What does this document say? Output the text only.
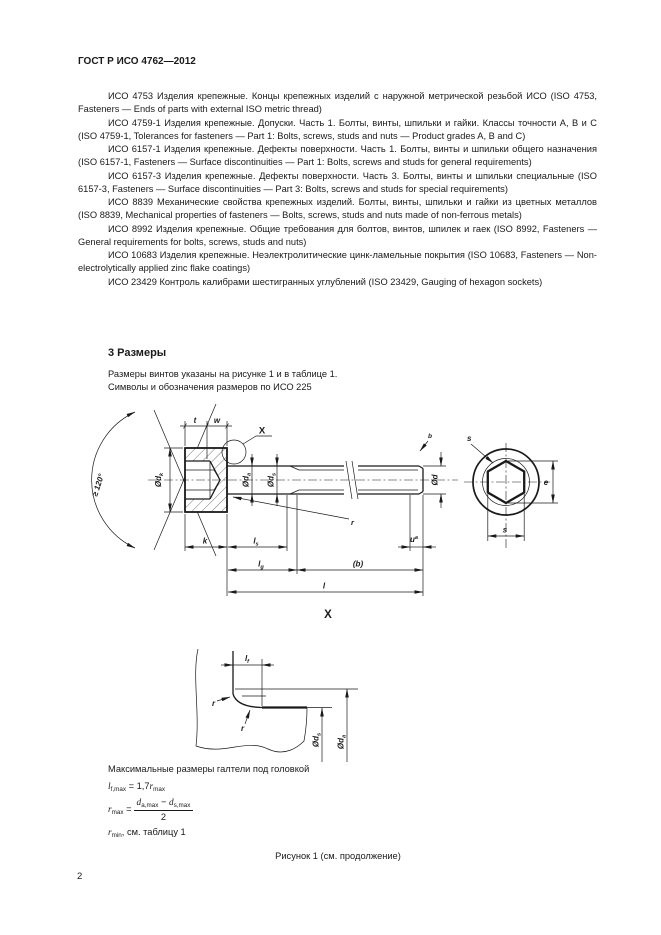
ГОСТ Р ИСО 4762—2012

ИСО 4753 Изделия крепежные. Концы крепежных изделий с наружной метрической резьбой ИСО (ISO 4753, Fasteners — Ends of parts with external ISO metric thread)

ИСО 4759-1 Изделия крепежные. Допуски. Часть 1. Болты, винты, шпильки и гайки. Классы точности А, В и С (ISO 4759-1, Tolerances for fasteners — Part 1: Bolts, screws, studs and nuts — Product grades A, B and C)

ИСО 6157-1 Изделия крепежные. Дефекты поверхности. Часть 1. Болты, винты и шпильки общего назначения (ISO 6157-1, Fasteners — Surface discontinuities — Part 1: Bolts, screws and studs for general requirements)

ИСО 6157-3 Изделия крепежные. Дефекты поверхности. Часть 3. Болты, винты и шпильки специальные (ISO 6157-3, Fasteners — Surface discontinuities — Part 3: Bolts, screws and studs for special requirements)

ИСО 8839 Механические свойства крепежных изделий. Болты, винты, шпильки и гайки из цветных металлов (ISO 8839, Mechanical properties of fasteners — Bolts, screws, studs and nuts made of non-ferrous metals)

ИСО 8992 Изделия крепежные. Общие требования для болтов, винтов, шпилек и гаек (ISO 8992, Fasteners — General requirements for bolts, screws, studs and nuts)

ИСО 10683 Изделия крепежные. Неэлектролитические цинк-ламельные покрытия (ISO 10683, Fasteners — Non-electrolytically applied zinc flake coatings)

ИСО 23429 Контроль калибрами шестигранных углублений (ISO 23429, Gauging of hexagon sockets)

3 Размеры
Размеры винтов указаны на рисунке 1 и в таблице 1.
Символы и обозначения размеров по ИСО 225
≥ 120°
t w
X	b
Ød
$Ød_k$
$Ød_a$
$Ød_s$
r
k	$l_s$
$u^a$
$l_g$	(b)
l
s
e
s
X
$l_f$
r
r
$Ød_s$
$Ød_a$
Максимальные размеры галтели под головкой
$l_{f,max} = 1,7r_{max}$
$r_{max} = \frac{d_{a,max} - d_{s,max}}{2}$
$r_{min}$, см. таблицу 1
Рисунок 1 (см. продолжение)
2
